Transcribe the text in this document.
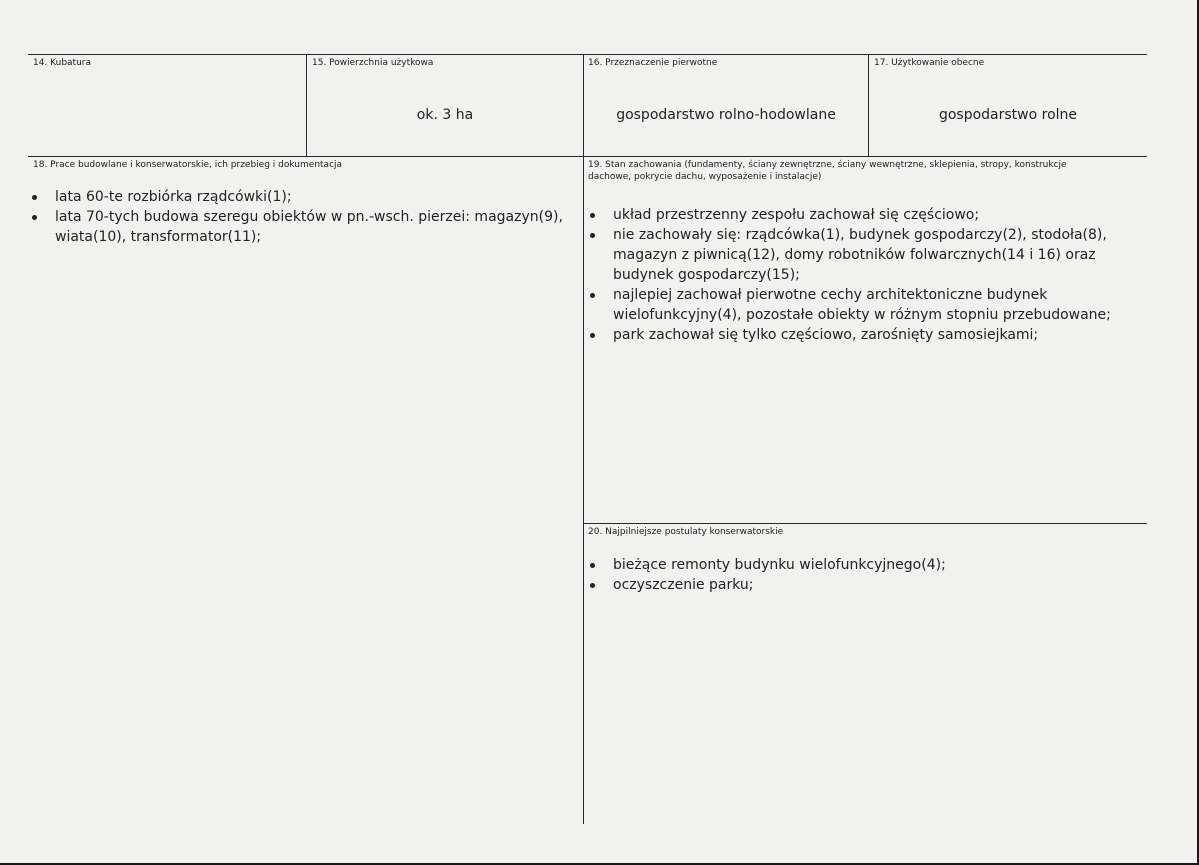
14. Kubatura	15. Powierzchnia użytkowa
ok. 3 ha
16. Przeznaczenie pierwotne
gospodarstwo rolno-hodowlane
17. Użytkowanie obecne
gospodarstwo rolne
18. Prace budowlane i konserwatorskie, ich przebieg i dokumentacja
lata 60-te rozbiórka rządcówki(1);
lata 70-tych budowa szeregu obiektów w pn.-wsch. pierzei: magazyn(9), wiata(10), transformator(11);
19. Stan zachowania (fundamenty, ściany zewnętrzne, ściany wewnętrzne, sklepienia, stropy, konstrukcje dachowe, pokrycie dachu, wyposażenie i instalacje)
układ przestrzenny zespołu zachował się częściowo;
nie zachowały się: rządcówka(1), budynek gospodarczy(2), stodoła(8), magazyn z piwnicą(12), domy robotników folwarcznych(14 i 16) oraz budynek gospodarczy(15);
najlepiej zachował pierwotne cechy architektoniczne budynek wielofunkcyjny(4), pozostałe obiekty w różnym stopniu przebudowane;
park zachował się tylko częściowo, zarośnięty samosiejkami;
20. Najpilniejsze postulaty konserwatorskie
bieżące remonty budynku wielofunkcyjnego(4);
oczyszczenie parku;
